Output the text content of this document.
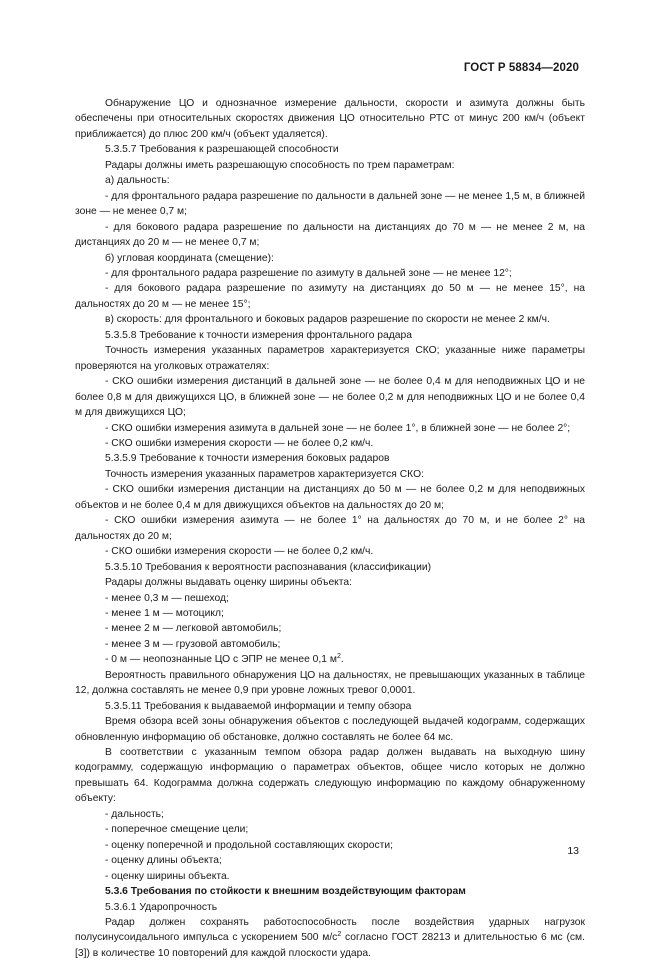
ГОСТ Р 58834—2020

Обнаружение ЦО и однозначное измерение дальности, скорости и азимута должны быть обеспечены при относительных скоростях движения ЦО относительно РТС от минус 200 км/ч (объект приближается) до плюс 200 км/ч (объект удаляется).

5.3.5.7 Требования к разрешающей способности

Радары должны иметь разрешающую способность по трем параметрам:

а) дальность:

- для фронтального радара разрешение по дальности в дальней зоне — не менее 1,5 м, в ближней зоне — не менее 0,7 м;

- для бокового радара разрешение по дальности на дистанциях до 70 м — не менее 2 м, на дистанциях до 20 м — не менее 0,7 м;

б) угловая координата (смещение):

- для фронтального радара разрешение по азимуту в дальней зоне — не менее 12°;

- для бокового радара разрешение по азимуту на дистанциях до 50 м — не менее 15°, на дальностях до 20 м — не менее 15°;

в) скорость: для фронтального и боковых радаров разрешение по скорости не менее 2 км/ч.

5.3.5.8 Требование к точности измерения фронтального радара

Точность измерения указанных параметров характеризуется СКО; указанные ниже параметры проверяются на уголковых отражателях:

- СКО ошибки измерения дистанций в дальней зоне — не более 0,4 м для неподвижных ЦО и не более 0,8 м для движущихся ЦО, в ближней зоне — не более 0,2 м для неподвижных ЦО и не более 0,4 м для движущихся ЦО;

- СКО ошибки измерения азимута в дальней зоне — не более 1°, в ближней зоне — не более 2°;

- СКО ошибки измерения скорости — не более 0,2 км/ч.

5.3.5.9 Требование к точности измерения боковых радаров

Точность измерения указанных параметров характеризуется СКО:

- СКО ошибки измерения дистанции на дистанциях до 50 м — не более 0,2 м для неподвижных объектов и не более 0,4 м для движущихся объектов на дальностях до 20 м;

- СКО ошибки измерения азимута — не более 1° на дальностях до 70 м, и не более 2° на дальностях до 20 м;

- СКО ошибки измерения скорости — не более 0,2 км/ч.

5.3.5.10 Требования к вероятности распознавания (классификации)

Радары должны выдавать оценку ширины объекта:

- менее 0,3 м — пешеход;

- менее 1 м — мотоцикл;

- менее 2 м — легковой автомобиль;

- менее 3 м — грузовой автомобиль;

- 0 м — неопознанные ЦО с ЭПР не менее 0,1 $м^2$.

Вероятность правильного обнаружения ЦО на дальностях, не превышающих указанных в таблице 12, должна составлять не менее 0,9 при уровне ложных тревог 0,0001.

5.3.5.11 Требования к выдаваемой информации и темпу обзора

Время обзора всей зоны обнаружения объектов с последующей выдачей кодограмм, содержащих обновленную информацию об обстановке, должно составлять не более 64 мс.

В соответствии с указанным темпом обзора радар должен выдавать на выходную шину кодограмму, содержащую информацию о параметрах объектов, общее число которых не должно превышать 64. Кодограмма должна содержать следующую информацию по каждому обнаруженному объекту:

- дальность;

- поперечное смещение цели;

- оценку поперечной и продольной составляющих скорости;

- оценку длины объекта;

- оценку ширины объекта.

5.3.6 Требования по стойкости к внешним воздействующим факторам

5.3.6.1 Ударопрочность

Радар должен сохранять работоспособность после воздействия ударных нагрузок полусинусоидального импульса с ускорением 500 $м/с^2$ согласно ГОСТ 28213 и длительностью 6 мс (см. [3]) в количестве 10 повторений для каждой плоскости удара.

13
